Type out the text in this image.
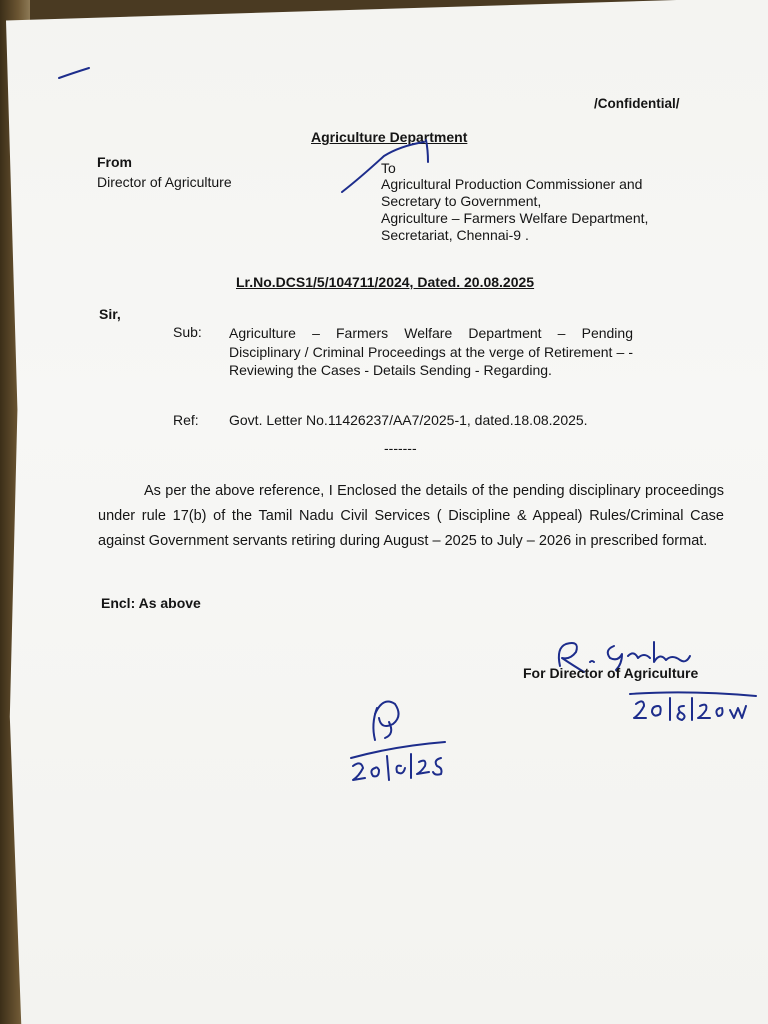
/Confidential/
Agriculture Department
From
Director of Agriculture
To
Agricultural Production Commissioner and
Secretary to Government,
Agriculture – Farmers Welfare Department,
Secretariat, Chennai-9 .
Lr.No.DCS1/5/104711/2024, Dated. 20.08.2025
Sir,
Sub: Agriculture – Farmers Welfare Department – Pending Disciplinary / Criminal Proceedings at the verge of Retirement – - Reviewing the Cases - Details Sending - Regarding.
Ref: Govt. Letter No.11426237/AA7/2025-1, dated.18.08.2025.
-------
As per the above reference, I Enclosed the details of the pending disciplinary proceedings under rule 17(b) of the Tamil Nadu Civil Services ( Discipline & Appeal) Rules/Criminal Case against Government servants retiring during August – 2025 to July – 2026 in prescribed format.
Encl: As above
For Director of Agriculture
